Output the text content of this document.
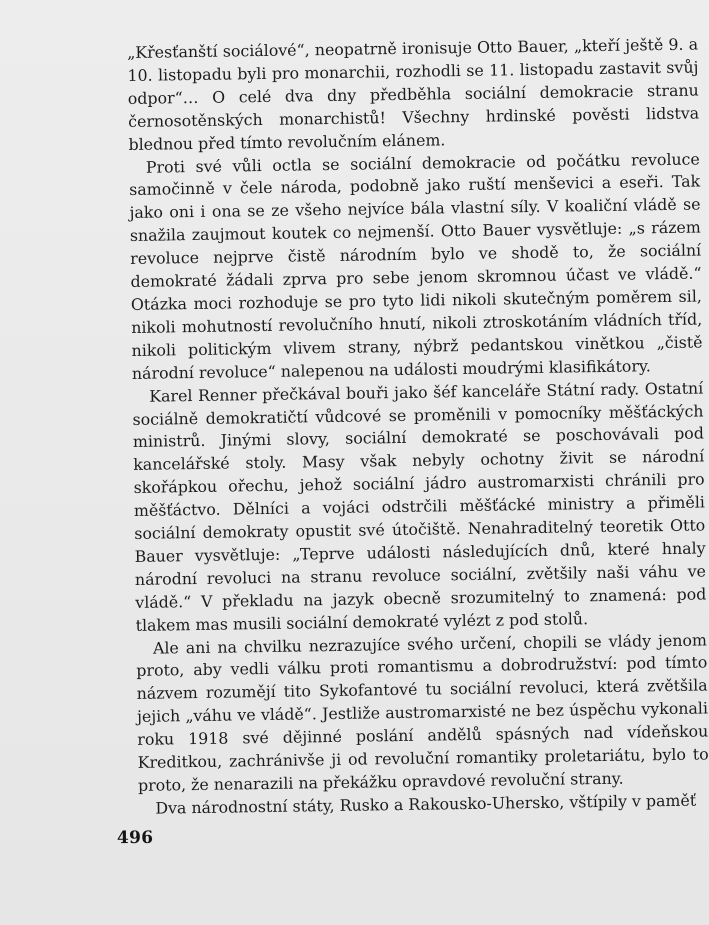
„Křesťanští sociálové“, neopatrně ironisuje Otto Bauer, „kteří ještě 9. a 10. listopadu byli pro monarchii, rozhodli se 11. listopadu zastavit svůj odpor“… O celé dva dny předběhla sociální demokracie stranu černosotěnských monarchistů! Všechny hrdinské pověsti lidstva blednou před tímto revolučním elánem.

Proti své vůli octla se sociální demokracie od počátku revoluce samočinně v čele národa, podobně jako ruští menševici a eseři. Tak jako oni i ona se ze všeho nejvíce bála vlastní síly. V koaliční vládě se snažila zaujmout koutek co nejmenší. Otto Bauer vysvětluje: „s rázem revoluce nejprve čistě národním bylo ve shodě to, že sociální demokraté žádali zprva pro sebe jenom skromnou účast ve vládě.“ Otázka moci rozhoduje se pro tyto lidi nikoli skutečným poměrem sil, nikoli mohutností revolučního hnutí, nikoli ztroskotáním vládních tříd, nikoli politickým vlivem strany, nýbrž pedantskou vinětkou „čistě národní revoluce“ nalepenou na události moudrými klasifikátory.

Karel Renner přečkával bouři jako šéf kanceláře Státní rady. Ostatní sociálně demokratičtí vůdcové se proměnili v pomocníky měšťáckých ministrů. Jinými slovy, sociální demokraté se poschovávali pod kancelářské stoly. Masy však nebyly ochotny živit se národní skořápkou ořechu, jehož sociální jádro austromarxisti chránili pro měšťáctvo. Dělníci a vojáci odstrčili měšťácké ministry a přiměli sociální demokraty opustit své útočiště. Nenahraditelný teoretik Otto Bauer vysvětluje: „Teprve události následujících dnů, které hnaly národní revoluci na stranu revoluce sociální, zvětšily naši váhu ve vládě.“ V překladu na jazyk obecně srozumitelný to znamená: pod tlakem mas musili sociální demokraté vylézt z pod stolů.

Ale ani na chvilku nezrazujíce svého určení, chopili se vlády jenom proto, aby vedli válku proti romantismu a dobrodružství: pod tímto názvem rozumějí tito Sykofantové tu sociální revoluci, která zvětšila jejich „váhu ve vládě“. Jestliže austromarxisté ne bez úspěchu vykonali roku 1918 své dějinné poslání andělů spásných nad vídeňskou Kreditkou, zachránivše ji od revoluční romantiky proletariátu, bylo to proto, že nenarazili na překážku opravdové revoluční strany.

Dva národnostní státy, Rusko a Rakousko-Uhersko, vštípily v paměť

496
